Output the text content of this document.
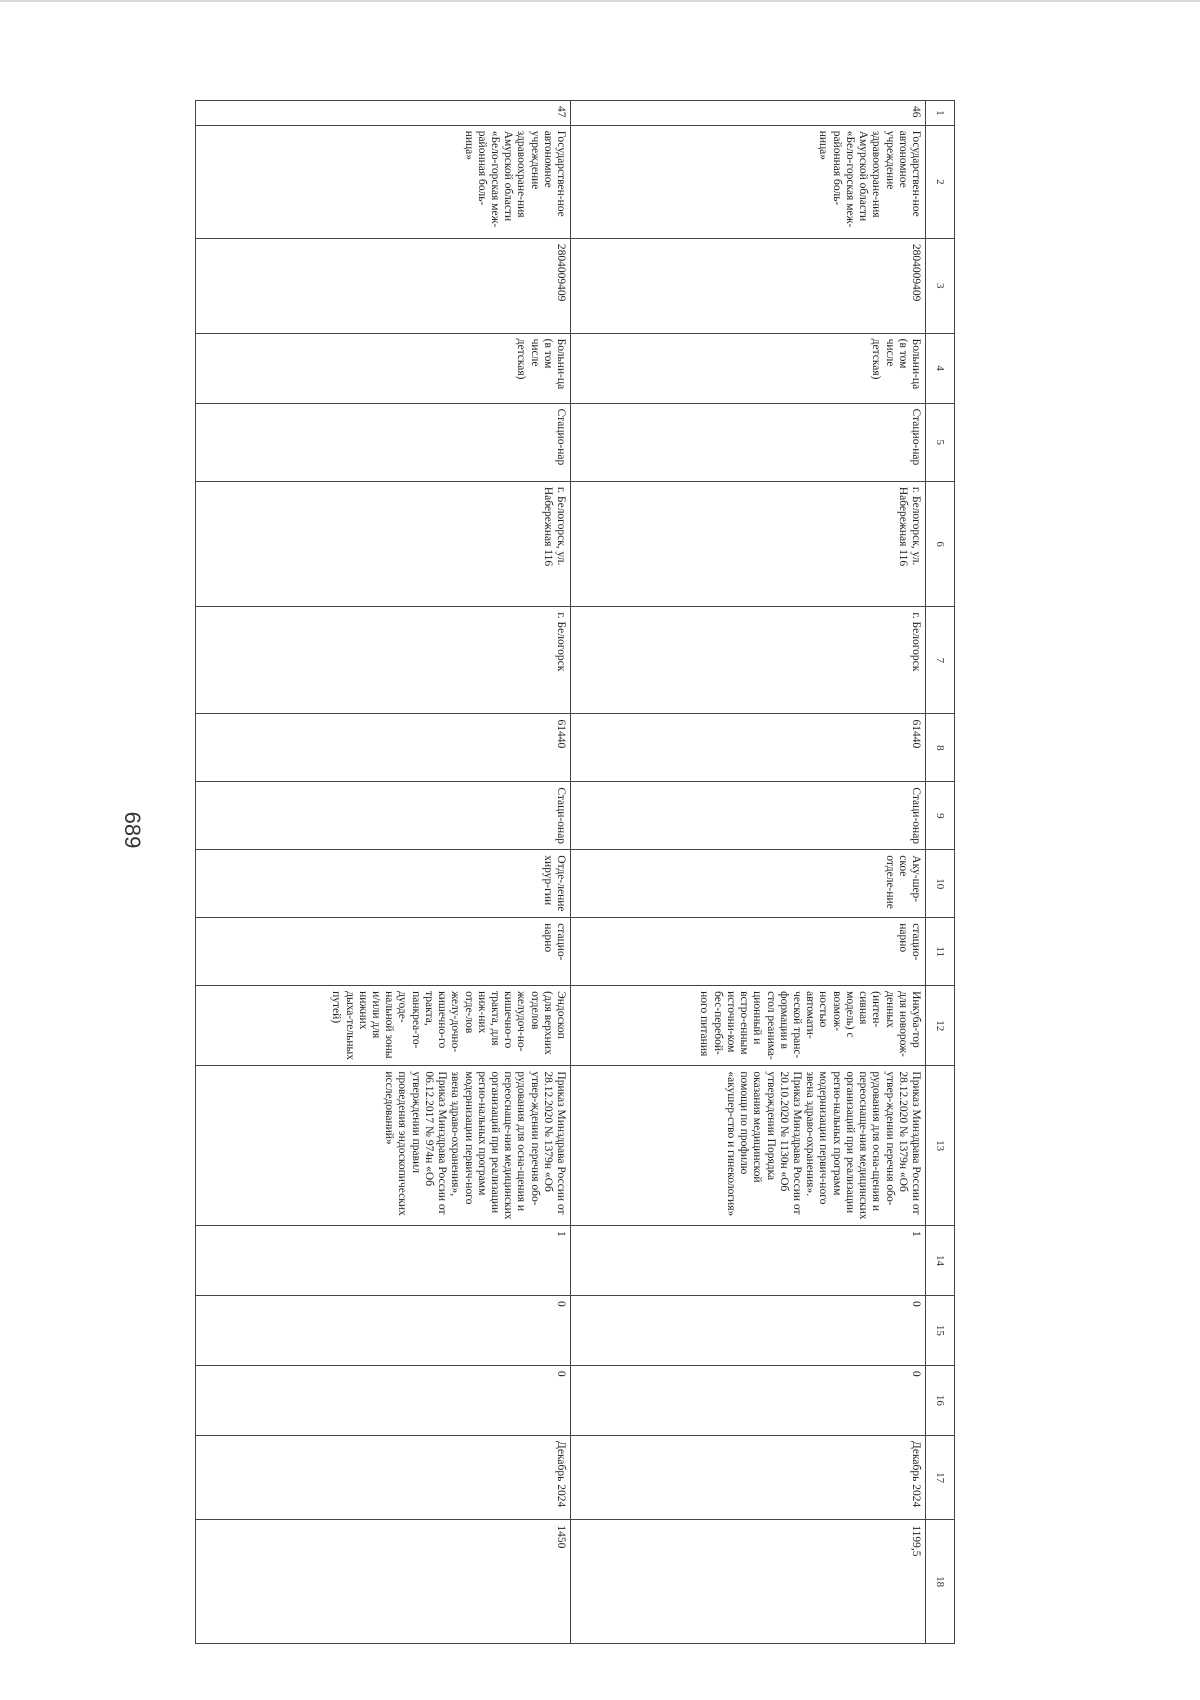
689
1	2	3	4	5	6	7	8	9	10	11	12	13	14	15	16	17	18
46	Государствен-ное автономное учреждение здравоохране-ния Амурской области «Бело-горская меж-районная боль-ница»	2804009409	Больни-ца (в том числе детская)	Стацио-нар	г. Белогорск, ул. Набережная 116	г. Белогорск	61440	Стаци-онар	Аку-шер-ское отделе-ние	стацио-нарно	Инкуба-тор для новорож-денных (интен-сивная модель) с возмож-ностью автомати-ческой транс-формации в стол реанима-ционный и встро-енным источни-ком бес-перебой-ного питания	Приказ Минздрава России от 28.12.2020 № 1379н «Об утвер-ждении перечня обо-рудования для осна-щения и переоснаще-ния медицинских организаций при реализации регио-нальных программ модернизации первич-ного звена здраво-охранения». Приказ Минздрава России от 20.10.2020 № 1130н «Об утверждении Порядка оказания медицинской помощи по профилю «акушер-ство и гинекология»	1	0	0	Декабрь 2024	1199,5
47	Государствен-ное автономное учреждение здравоохране-ния Амурской области «Бело-горская меж-районная боль-ница»	2804009409	Больни-ца (в том числе детская)	Стацио-нар	г. Белогорск, ул. Набережная 116	г. Белогорск	61440	Стаци-онар	Отде-ление хирур-гии	стацио-нарно	Эндоскоп (для верхних отделов желудоч-но-кишечно-го тракта, для ниж-них отде-лов желу-дочно-кишечно-го тракта, панкреа-то-дуоде-нальной зоны и/или для нижних дыха-тельных путей)	Приказ Минздрава России от 28.12.2020 № 1379н «Об утвер-ждении перечня обо-рудования для осна-щения и переоснаще-ния медицинских организаций при реализации регио-нальных программ модернизации первич-ного звена здраво-охранения», Приказ Минздрава России от 06.12.2017 № 974н «Об утверждении правил проведения эндоскопических исследований»	1	0	0	Декабрь 2024	1450
